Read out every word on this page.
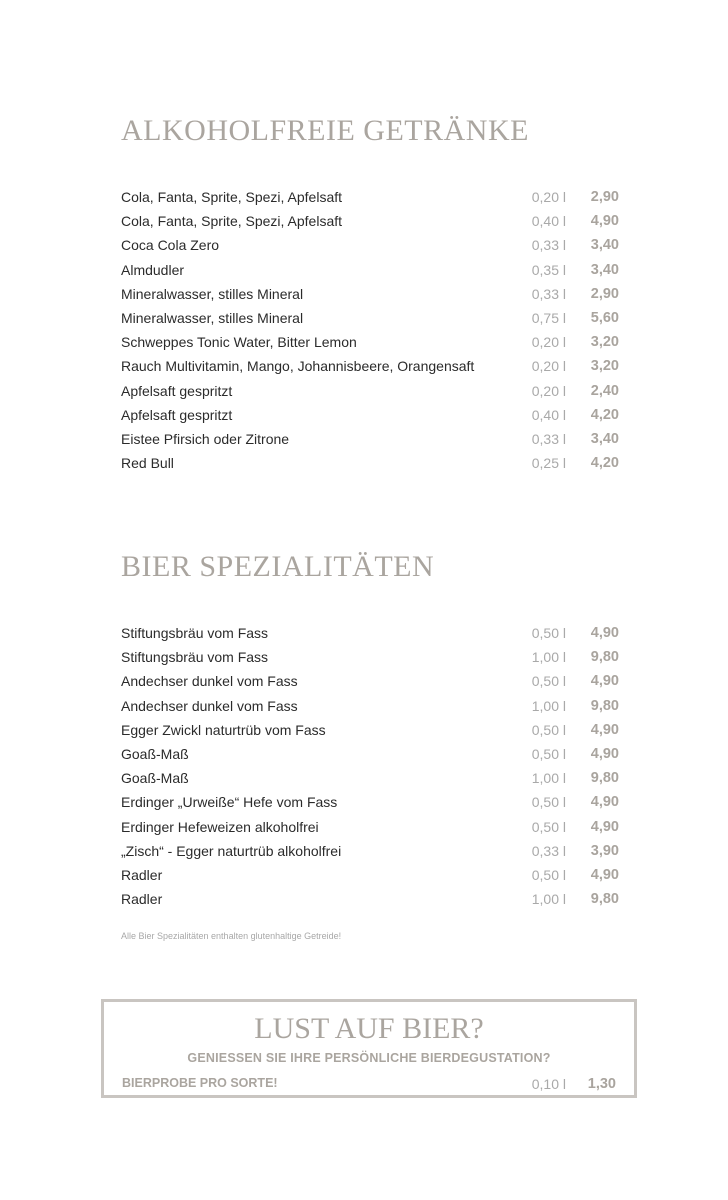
ALKOHOLFREIE GETRÄNKE
Cola, Fanta, Sprite, Spezi, Apfelsaft	0,20 l 2,90
Cola, Fanta, Sprite, Spezi, Apfelsaft	0,40 l 4,90
Coca Cola Zero	0,33 l 3,40
Almdudler	0,35 l 3,40
Mineralwasser, stilles Mineral	0,33 l 2,90
Mineralwasser, stilles Mineral	0,75 l 5,60
Schweppes Tonic Water, Bitter Lemon	0,20 l 3,20
Rauch Multivitamin, Mango, Johannisbeere, Orangensaft	0,20 l 3,20
Apfelsaft gespritzt	0,20 l 2,40
Apfelsaft gespritzt	0,40 l 4,20
Eistee Pfirsich oder Zitrone	0,33 l 3,40
Red Bull	0,25 l 4,20
BIER SPEZIALITÄTEN
Stiftungsbräu vom Fass	0,50 l 4,90
Stiftungsbräu vom Fass	1,00 l 9,80
Andechser dunkel vom Fass	0,50 l 4,90
Andechser dunkel vom Fass	1,00 l 9,80
Egger Zwickl naturtrüb vom Fass	0,50 l 4,90
Goaß-Maß	0,50 l 4,90
Goaß-Maß	1,00 l 9,80
Erdinger „Urweiße“ Hefe vom Fass	0,50 l 4,90
Erdinger Hefeweizen alkoholfrei	0,50 l 4,90
„Zisch“ - Egger naturtrüb alkoholfrei	0,33 l 3,90
Radler	0,50 l 4,90
Radler	1,00 l 9,80
Alle Bier Spezialitäten enthalten glutenhaltige Getreide!
LUST AUF BIER?
GENIESSEN SIE IHRE PERSÖNLICHE BIERDEGUSTATION?
BIERPROBE PRO SORTE!	0,10 l 1,30
